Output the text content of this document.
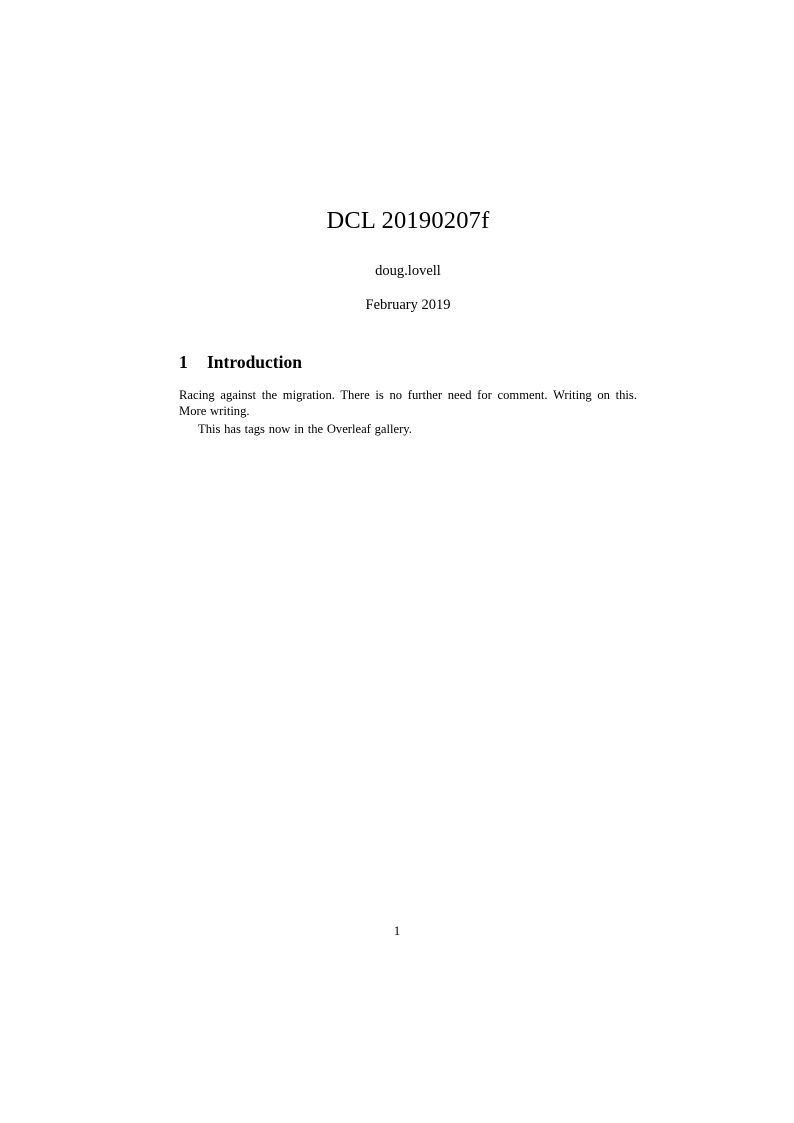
DCL 20190207f

doug.lovell

February 2019

1 Introduction

Racing against the migration. There is no further need for comment. Writing on this. More writing.

This has tags now in the Overleaf gallery.

1
